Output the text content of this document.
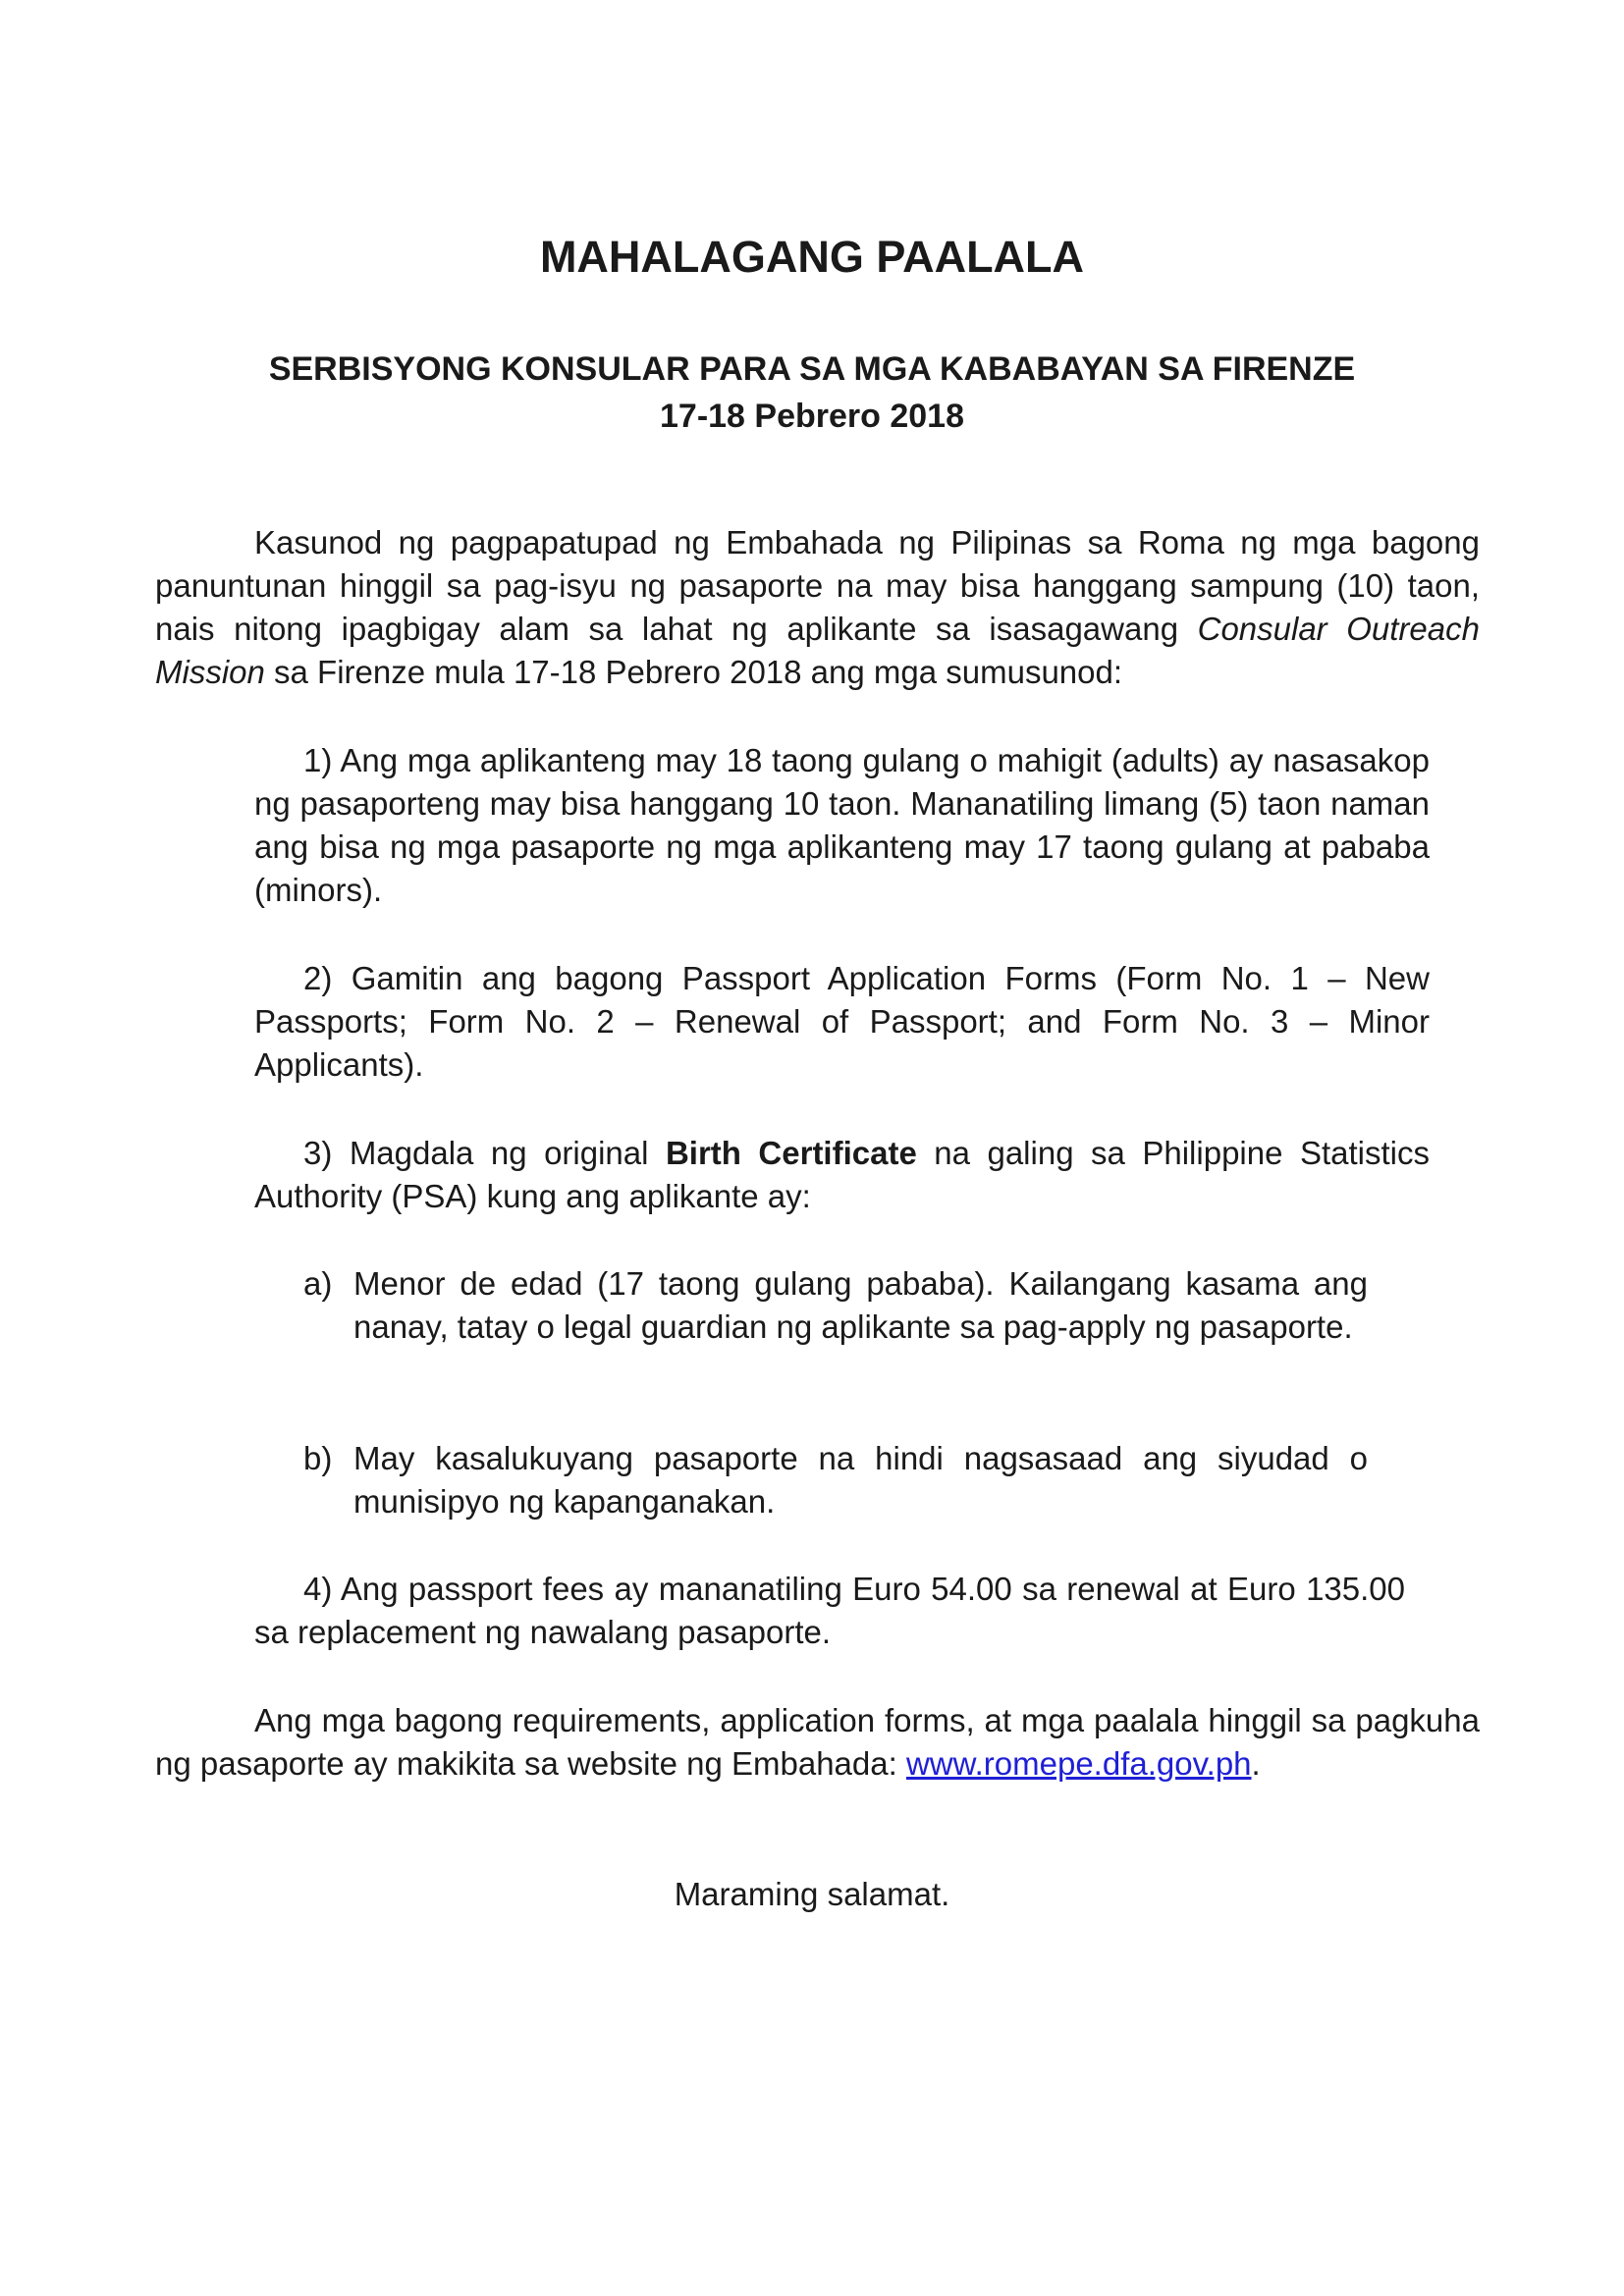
MAHALAGANG PAALALA
SERBISYONG KONSULAR PARA SA MGA KABABAYAN SA FIRENZE
17-18 Pebrero 2018

Kasunod ng pagpapatupad ng Embahada ng Pilipinas sa Roma ng mga bagong panuntunan hinggil sa pag-isyu ng pasaporte na may bisa hanggang sampung (10) taon, nais nitong ipagbigay alam sa lahat ng aplikante sa isasagawang Consular Outreach Mission sa Firenze mula 17-18 Pebrero 2018 ang mga sumusunod:

1) Ang mga aplikanteng may 18 taong gulang o mahigit (adults) ay nasasakop ng pasaporteng may bisa hanggang 10 taon. Mananatiling limang (5) taon naman ang bisa ng mga pasaporte ng mga aplikanteng may 17 taong gulang at pababa (minors).

2) Gamitin ang bagong Passport Application Forms (Form No. 1 – New Passports; Form No. 2 – Renewal of Passport; and Form No. 3 – Minor Applicants).

3) Magdala ng original Birth Certificate na galing sa Philippine Statistics Authority (PSA) kung ang aplikante ay:

a) Menor de edad (17 taong gulang pababa). Kailangang kasama ang nanay, tatay o legal guardian ng aplikante sa pag-apply ng pasaporte.

b) May kasalukuyang pasaporte na hindi nagsasaad ang siyudad o munisipyo ng kapanganakan.

4) Ang passport fees ay mananatiling Euro 54.00 sa renewal at Euro 135.00 sa replacement ng nawalang pasaporte.

Ang mga bagong requirements, application forms, at mga paalala hinggil sa pagkuha ng pasaporte ay makikita sa website ng Embahada: www.romepe.dfa.gov.ph.

Maraming salamat.
